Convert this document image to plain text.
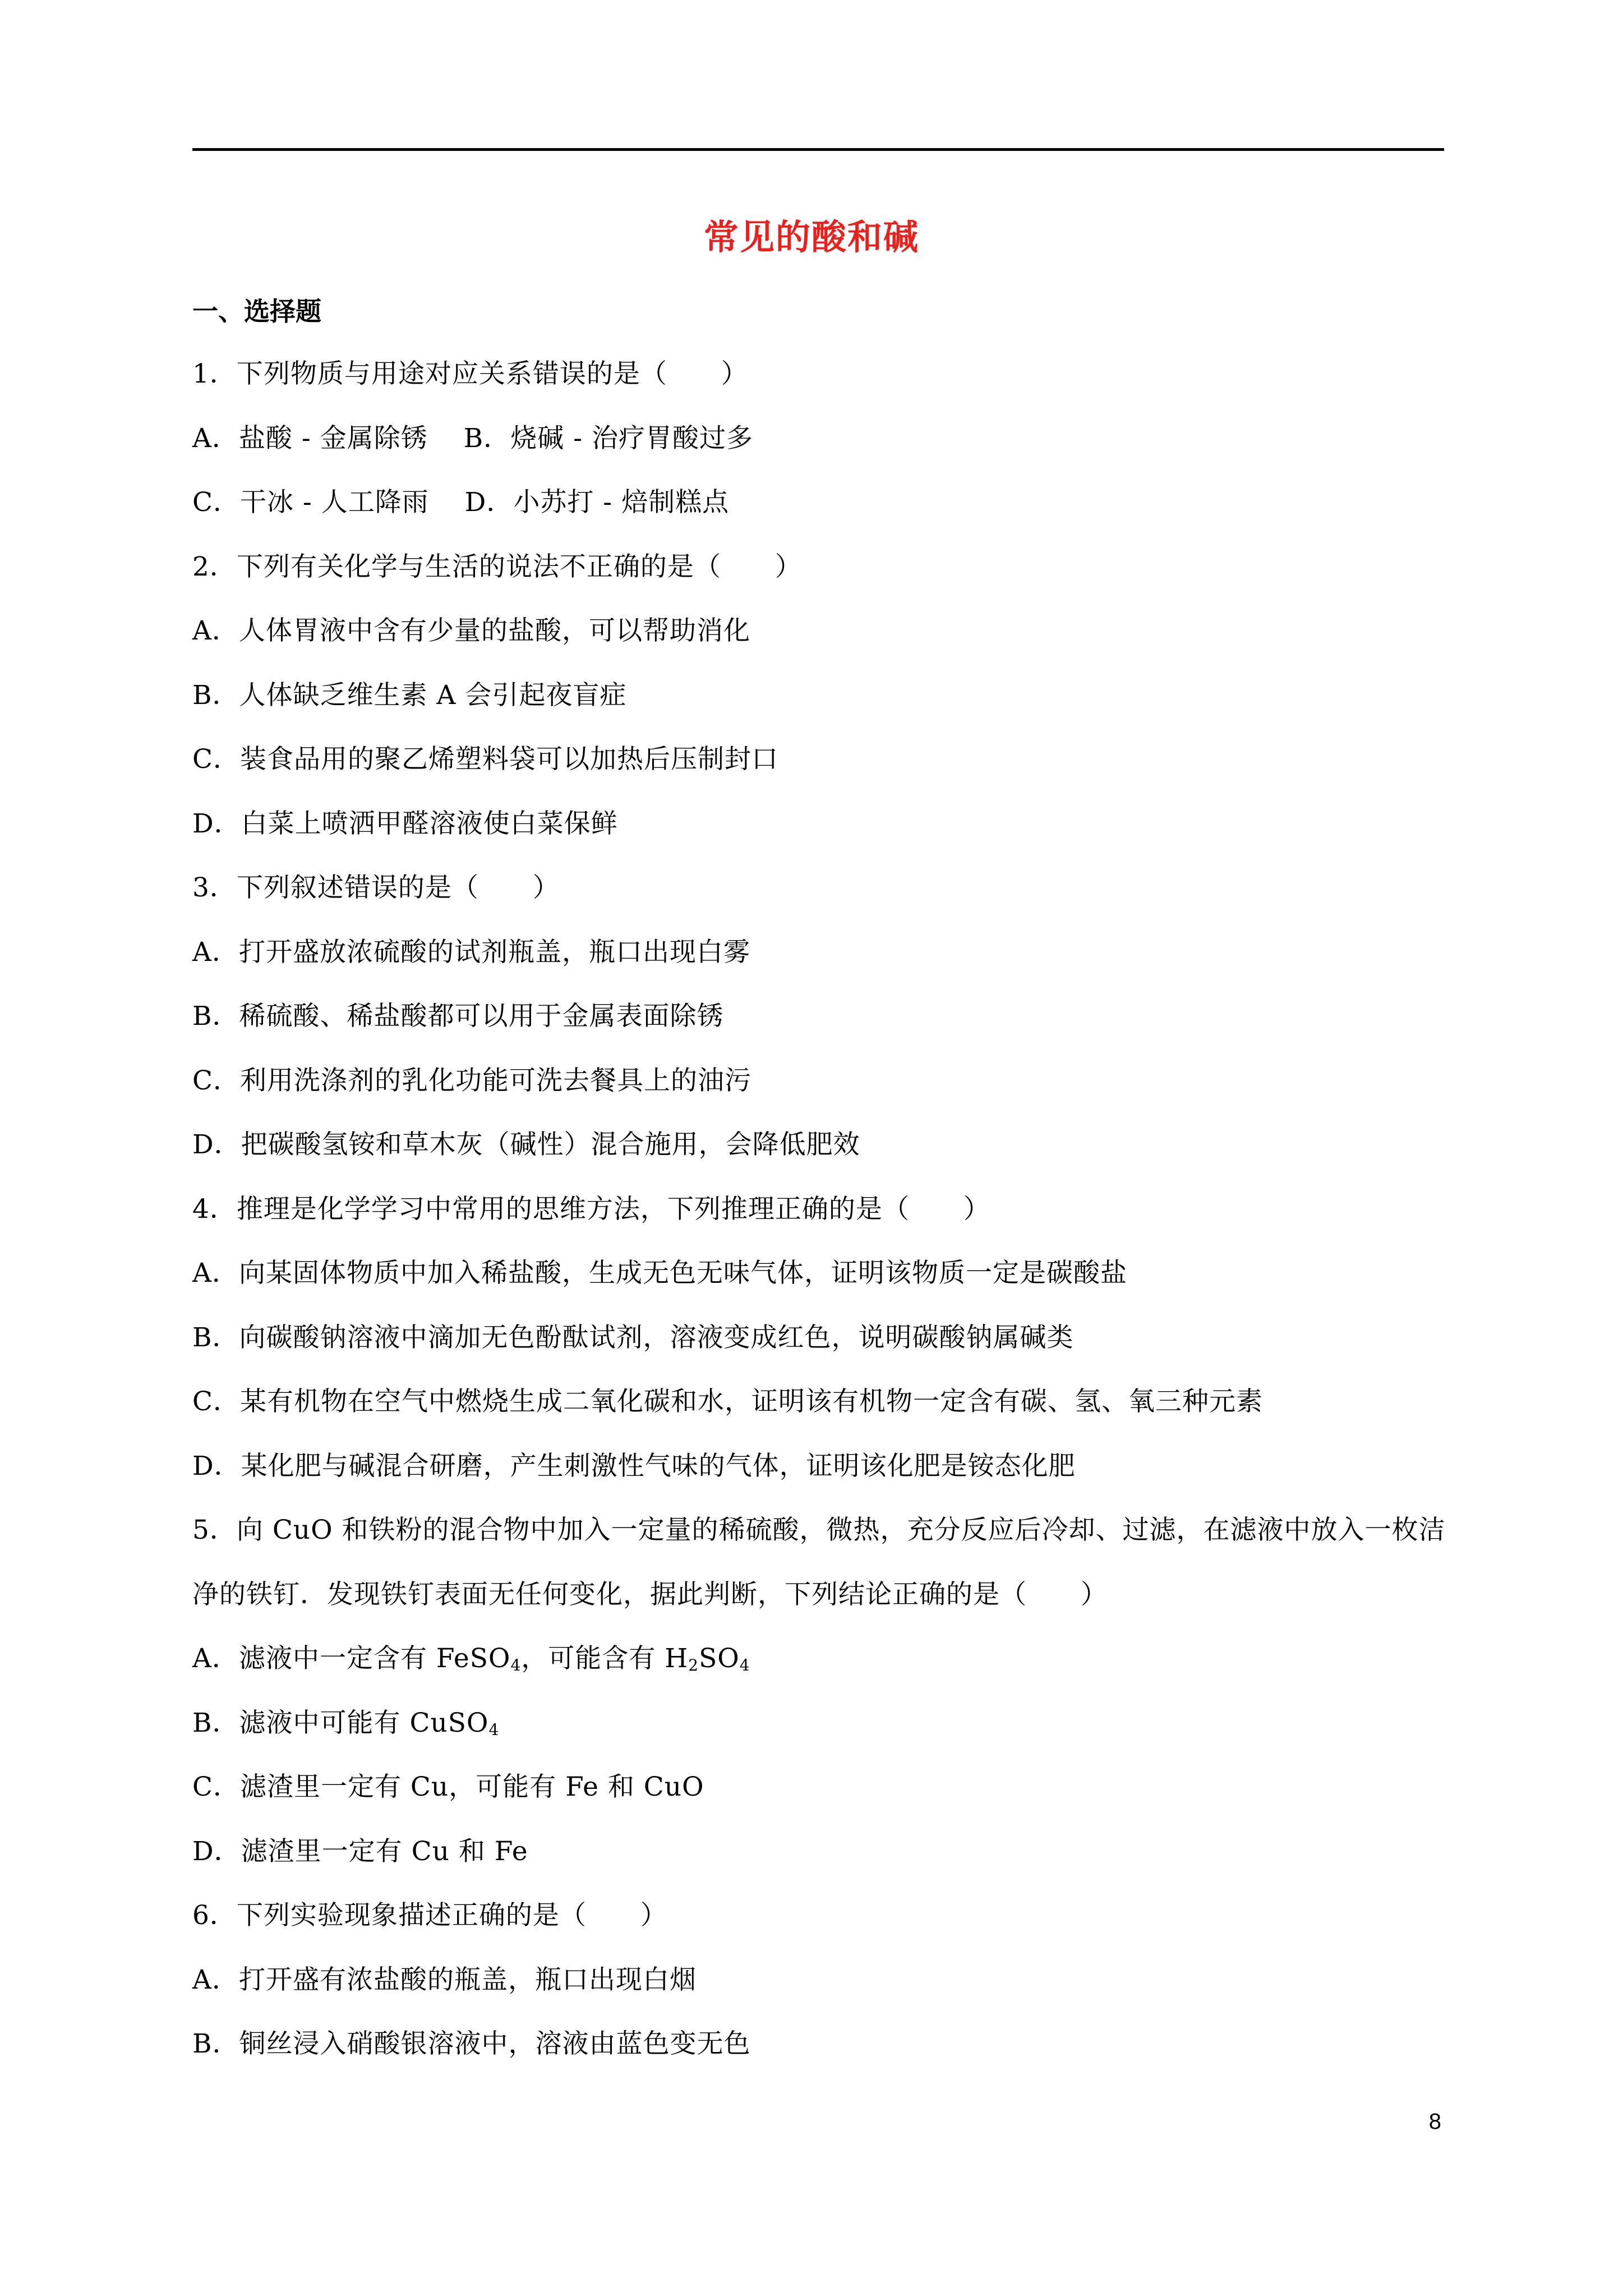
常见的酸和碱
一、选择题
1．下列物质与用途对应关系错误的是（　　）
A．盐酸 - 金属除锈　 B．烧碱 - 治疗胃酸过多
C．干冰 - 人工降雨　 D．小苏打 - 焙制糕点
2．下列有关化学与生活的说法不正确的是（　　）
A．人体胃液中含有少量的盐酸，可以帮助消化
B．人体缺乏维生素 A 会引起夜盲症
C．装食品用的聚乙烯塑料袋可以加热后压制封口
D．白菜上喷洒甲醛溶液使白菜保鲜
3．下列叙述错误的是（　　）
A．打开盛放浓硫酸的试剂瓶盖，瓶口出现白雾
B．稀硫酸、稀盐酸都可以用于金属表面除锈
C．利用洗涤剂的乳化功能可洗去餐具上的油污
D．把碳酸氢铵和草木灰（碱性）混合施用，会降低肥效
4．推理是化学学习中常用的思维方法，下列推理正确的是（　　）
A．向某固体物质中加入稀盐酸，生成无色无味气体，证明该物质一定是碳酸盐
B．向碳酸钠溶液中滴加无色酚酞试剂，溶液变成红色，说明碳酸钠属碱类
C．某有机物在空气中燃烧生成二氧化碳和水，证明该有机物一定含有碳、氢、氧三种元素
D．某化肥与碱混合研磨，产生刺激性气味的气体，证明该化肥是铵态化肥
5．向 CuO 和铁粉的混合物中加入一定量的稀硫酸，微热，充分反应后冷却、过滤，在滤液中放入一枚洁净的铁钉．发现铁钉表面无任何变化，据此判断，下列结论正确的是（　　）
A．滤液中一定含有 FeSO$_4$，可能含有 $H_2SO_4$
B．滤液中可能有 CuSO$_4$
C．滤渣里一定有 Cu，可能有 Fe 和 CuO
D．滤渣里一定有 Cu 和 Fe
6．下列实验现象描述正确的是（　　）
A．打开盛有浓盐酸的瓶盖，瓶口出现白烟
B．铜丝浸入硝酸银溶液中，溶液由蓝色变无色
8
